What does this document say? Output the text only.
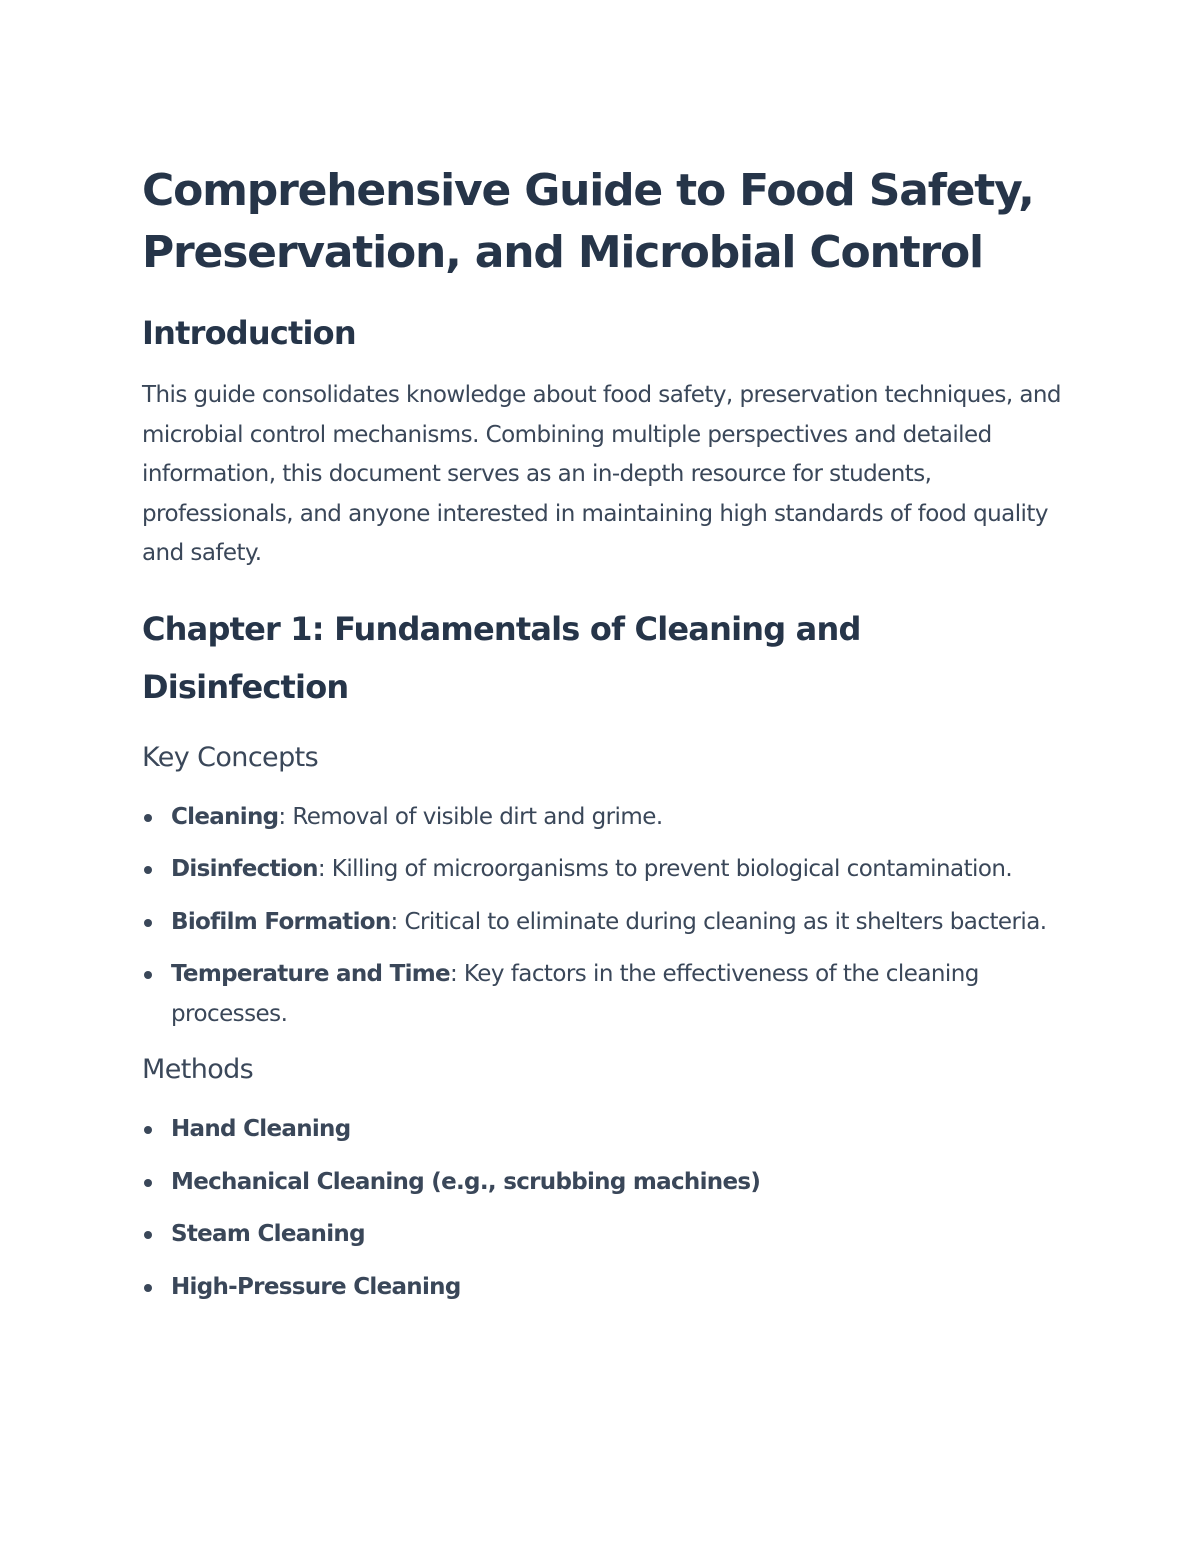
Comprehensive Guide to Food Safety, Preservation, and Microbial Control
Introduction

This guide consolidates knowledge about food safety, preservation techniques, and microbial control mechanisms. Combining multiple perspectives and detailed information, this document serves as an in-depth resource for students, professionals, and anyone interested in maintaining high standards of food quality and safety.

Chapter 1: Fundamentals of Cleaning and Disinfection
Key Concepts
Cleaning: Removal of visible dirt and grime.
Disinfection: Killing of microorganisms to prevent biological contamination.
Biofilm Formation: Critical to eliminate during cleaning as it shelters bacteria.
Temperature and Time: Key factors in the effectiveness of the cleaning processes.
Methods
Hand Cleaning
Mechanical Cleaning (e.g., scrubbing machines)
Steam Cleaning
High-Pressure Cleaning
